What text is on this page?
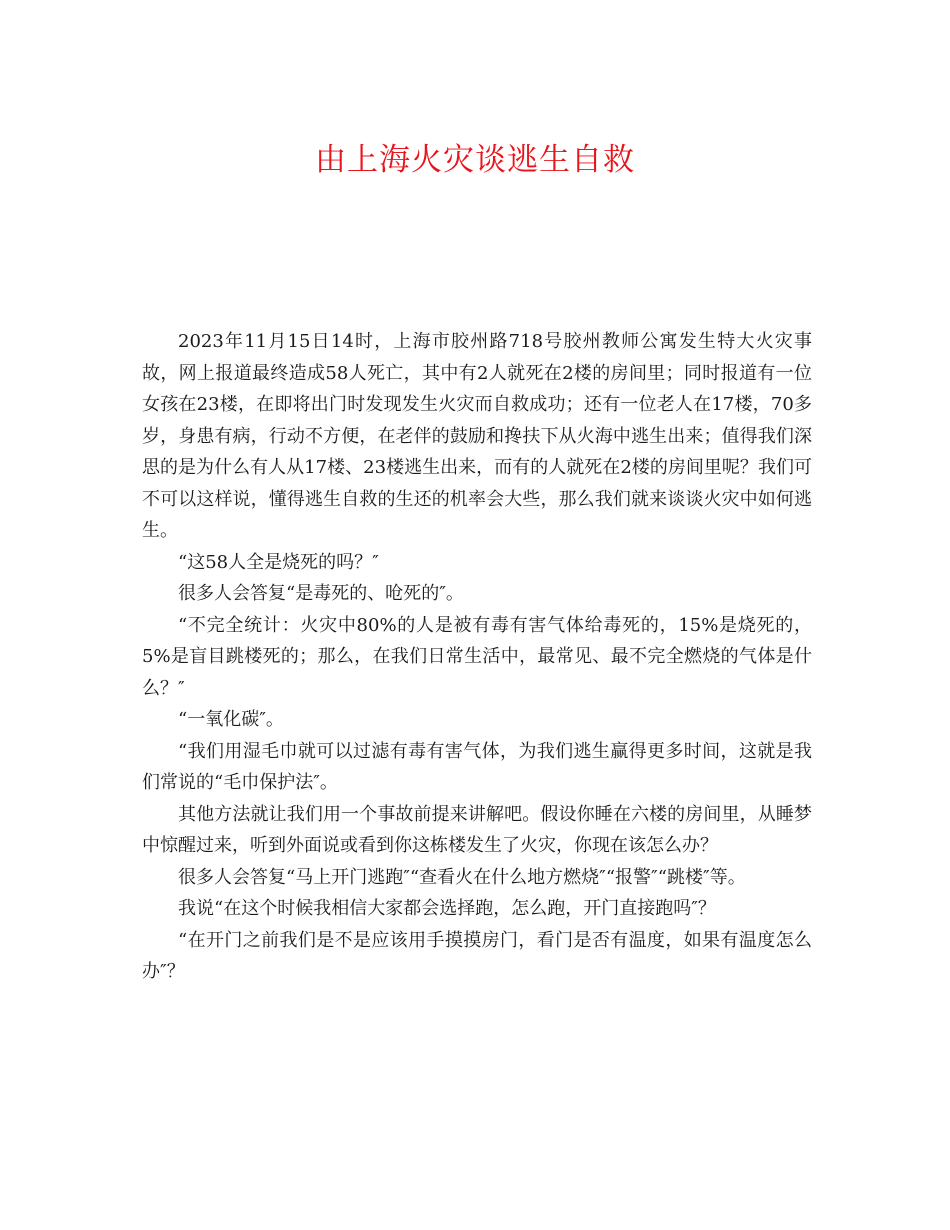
由上海火灾谈逃生自救

2023年11月15日14时，上海市胶州路718号胶州教师公寓发生特大火灾事故，网上报道最终造成58人死亡，其中有2人就死在2楼的房间里；同时报道有一位女孩在23楼，在即将出门时发现发生火灾而自救成功；还有一位老人在17楼，70多岁，身患有病，行动不方便，在老伴的鼓励和搀扶下从火海中逃生出来；值得我们深思的是为什么有人从17楼、23楼逃生出来，而有的人就死在2楼的房间里呢？我们可不可以这样说，懂得逃生自救的生还的机率会大些，那么我们就来谈谈火灾中如何逃生。

“这58人全是烧死的吗？″

很多人会答复“是毒死的、呛死的″。

“不完全统计：火灾中80%的人是被有毒有害气体给毒死的，15%是烧死的，5%是盲目跳楼死的；那么，在我们日常生活中，最常见、最不完全燃烧的气体是什么？″

“一氧化碳″。

“我们用湿毛巾就可以过滤有毒有害气体，为我们逃生赢得更多时间，这就是我们常说的“毛巾保护法″。

其他方法就让我们用一个事故前提来讲解吧。假设你睡在六楼的房间里，从睡梦中惊醒过来，听到外面说或看到你这栋楼发生了火灾，你现在该怎么办？

很多人会答复“马上开门逃跑″“查看火在什么地方燃烧″“报警″“跳楼″等。

我说“在这个时候我相信大家都会选择跑，怎么跑，开门直接跑吗″？

“在开门之前我们是不是应该用手摸摸房门，看门是否有温度，如果有温度怎么办″？
